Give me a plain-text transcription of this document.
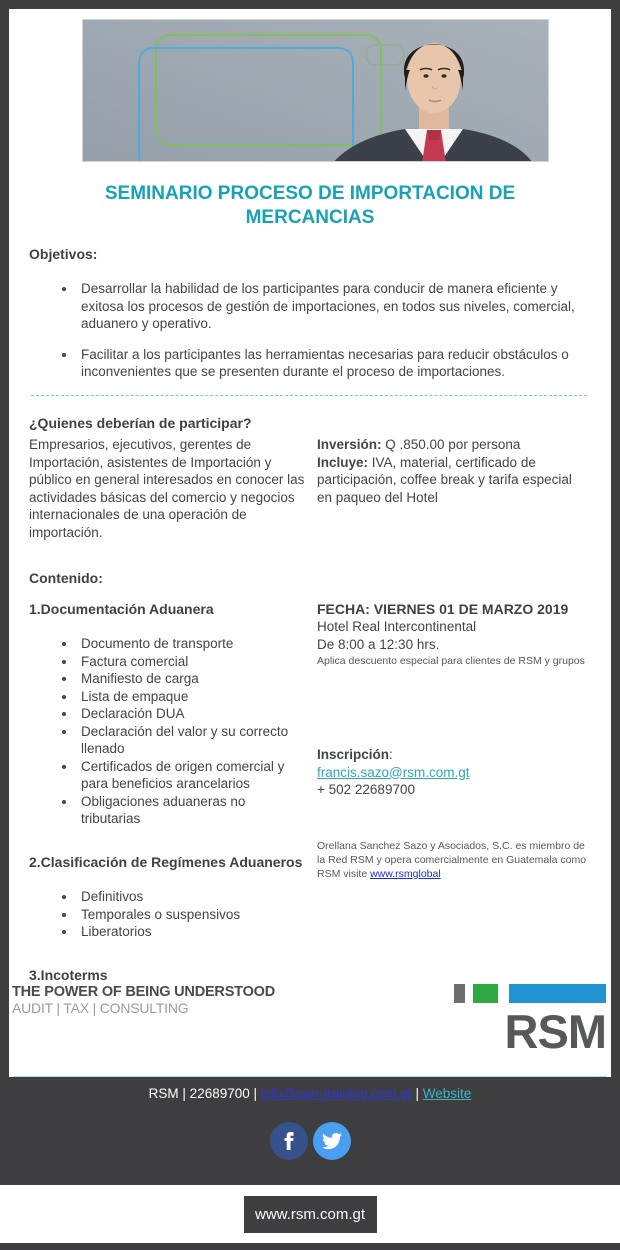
SEMINARIO PROCESO DE IMPORTACION DE MERCANCIAS

Objetivos:

• Desarrollar la habilidad de los participantes para conducir de manera eficiente y exitosa los procesos de gestión de importaciones, en todos sus niveles, comercial, aduanero y operativo.
• Facilitar a los participantes las herramientas necesarias para reducir obstáculos o inconvenientes que se presenten durante el proceso de importaciones.

¿Quienes deberían de participar?

Empresarios, ejecutivos, gerentes de Importación, asistentes de Importación y público en general interesados en conocer las actividades básicas del comercio y negocios internacionales de una operación de importación.

Inversión: Q .850.00 por persona
Incluye: IVA, material, certificado de participación, coffee break y tarifa especial en paqueo del Hotel

Contenido:

1.Documentación Aduanera

• Documento de transporte
• Factura comercial
• Manifiesto de carga
• Lista de empaque
• Declaración DUA
• Declaración del valor y su correcto llenado
• Certificados de origen comercial y para beneficios arancelarios
• Obligaciones aduaneras no tributarias

2.Clasificación de Regímenes Aduaneros

• Definitivos
• Temporales o suspensivos
• Liberatorios

3.Incoterms

FECHA: VIERNES 01 DE MARZO 2019

Hotel Real Intercontinental

De 8:00 a 12:30 hrs.

Aplica descuento especial para clientes de RSM y grupos

Inscripción:

francis.sazo@rsm.com.gt

+ 502 22689700

Orellana Sanchez Sazo y Asociados, S.C. es miembro de la Red RSM y opera comercialmente en Guatemala como RSM visite www.rsmglobal

THE POWER OF BEING UNDERSTOOD
AUDIT | TAX | CONSULTING	RSM

RSM | 22689700 | info@rsm-training.com.gt | Website

www.rsm.com.gt
